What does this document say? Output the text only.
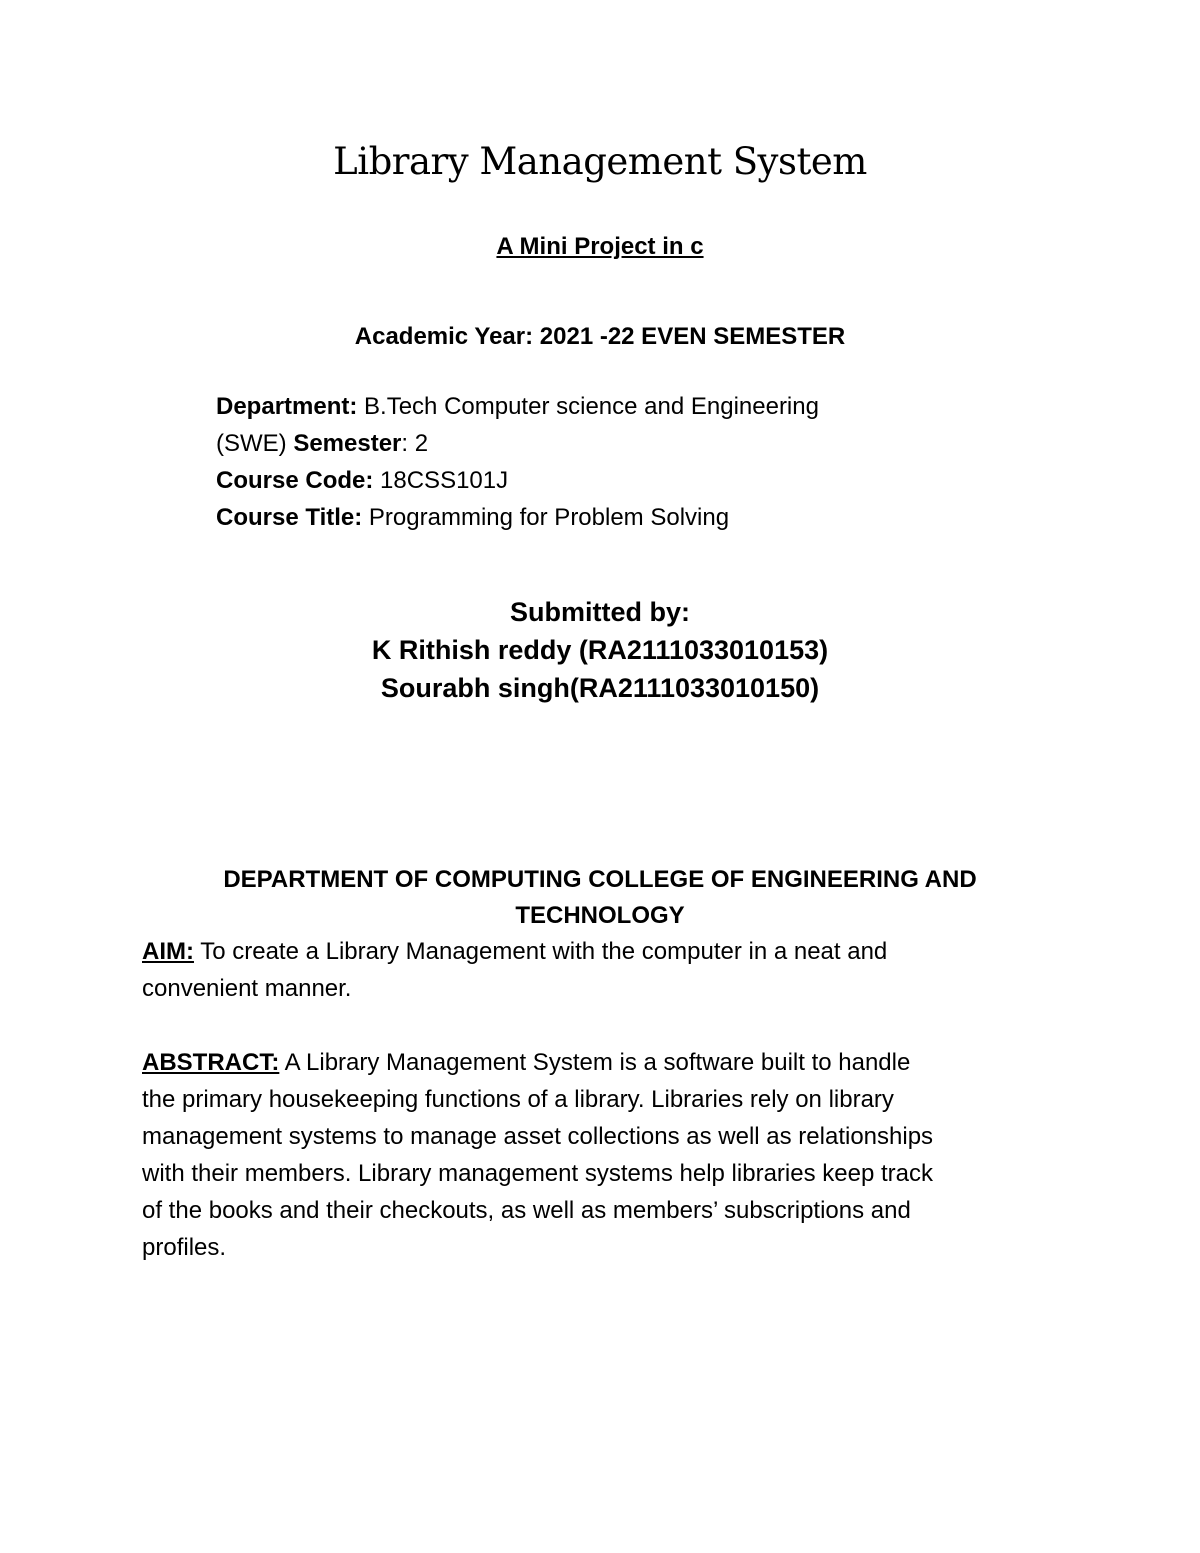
Library Management System
A Mini Project in c
Academic Year: 2021 -22 EVEN SEMESTER
Department: B.Tech Computer science and Engineering
(SWE) Semester: 2
Course Code: 18CSS101J
Course Title: Programming for Problem Solving
Submitted by:
K Rithish reddy (RA2111033010153)
Sourabh singh(RA2111033010150)
DEPARTMENT OF COMPUTING COLLEGE OF ENGINEERING AND
TECHNOLOGY
AIM: To create a Library Management with the computer in a neat and
convenient manner.
ABSTRACT: A Library Management System is a software built to handle
the primary housekeeping functions of a library. Libraries rely on library
management systems to manage asset collections as well as relationships
with their members. Library management systems help libraries keep track
of the books and their checkouts, as well as members’ subscriptions and
profiles.
